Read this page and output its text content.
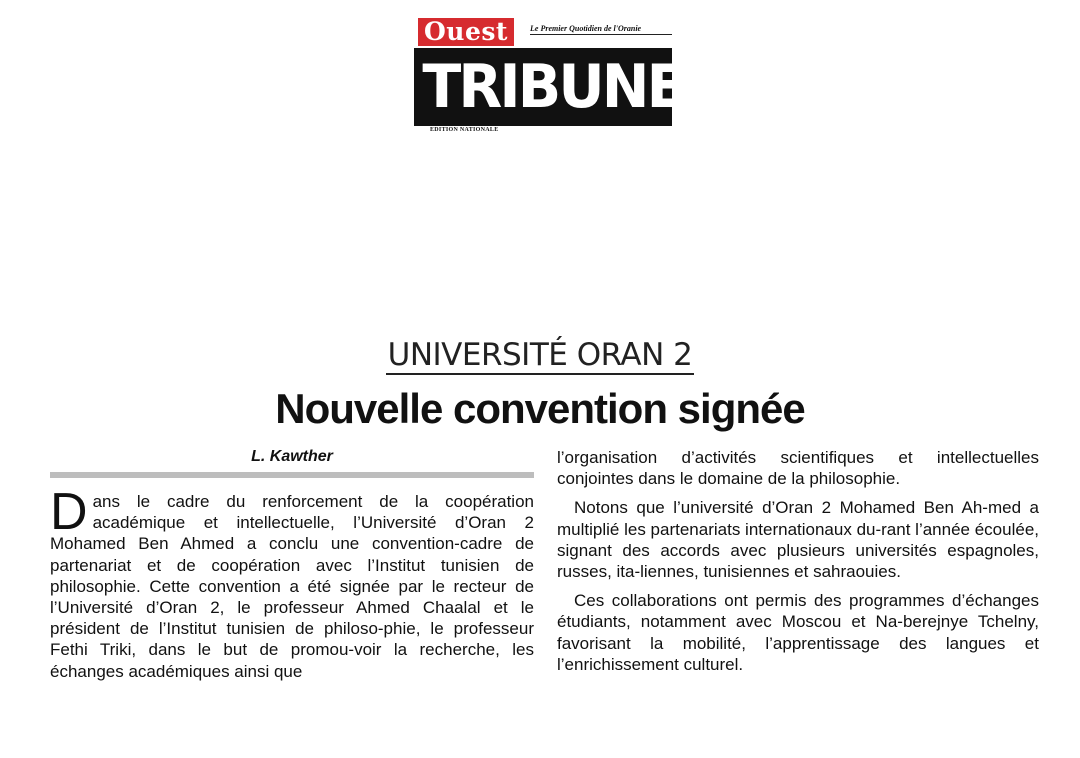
Ouest	Le Premier Quotidien de l'Oranie
TRIBUNE
EDITION NATIONALE
UNIVERSITÉ ORAN 2
Nouvelle convention signée
L. Kawther

Dans le cadre du renforcement de la coopération académique et intellectuelle, l’Université d’Oran 2 Mohamed Ben Ahmed a conclu une convention-cadre de partenariat et de coopération avec l’Institut tunisien de philosophie. Cette convention a été signée par le recteur de l’Université d’Oran 2, le professeur Ahmed Chaalal et le président de l’Institut tunisien de philoso-phie, le professeur Fethi Triki, dans le but de promou-voir la recherche, les échanges académiques ainsi que

l’organisation d’activités scientifiques et intellectuelles conjointes dans le domaine de la philosophie.

Notons que l’université d’Oran 2 Mohamed Ben Ah-med a multiplié les partenariats internationaux du-rant l’année écoulée, signant des accords avec plusieurs universités espagnoles, russes, ita-liennes, tunisiennes et sahraouies.

Ces collaborations ont permis des programmes d’échanges étudiants, notamment avec Moscou et Na-berejnye Tchelny, favorisant la mobilité, l’apprentissage des langues et l’enrichissement culturel.
